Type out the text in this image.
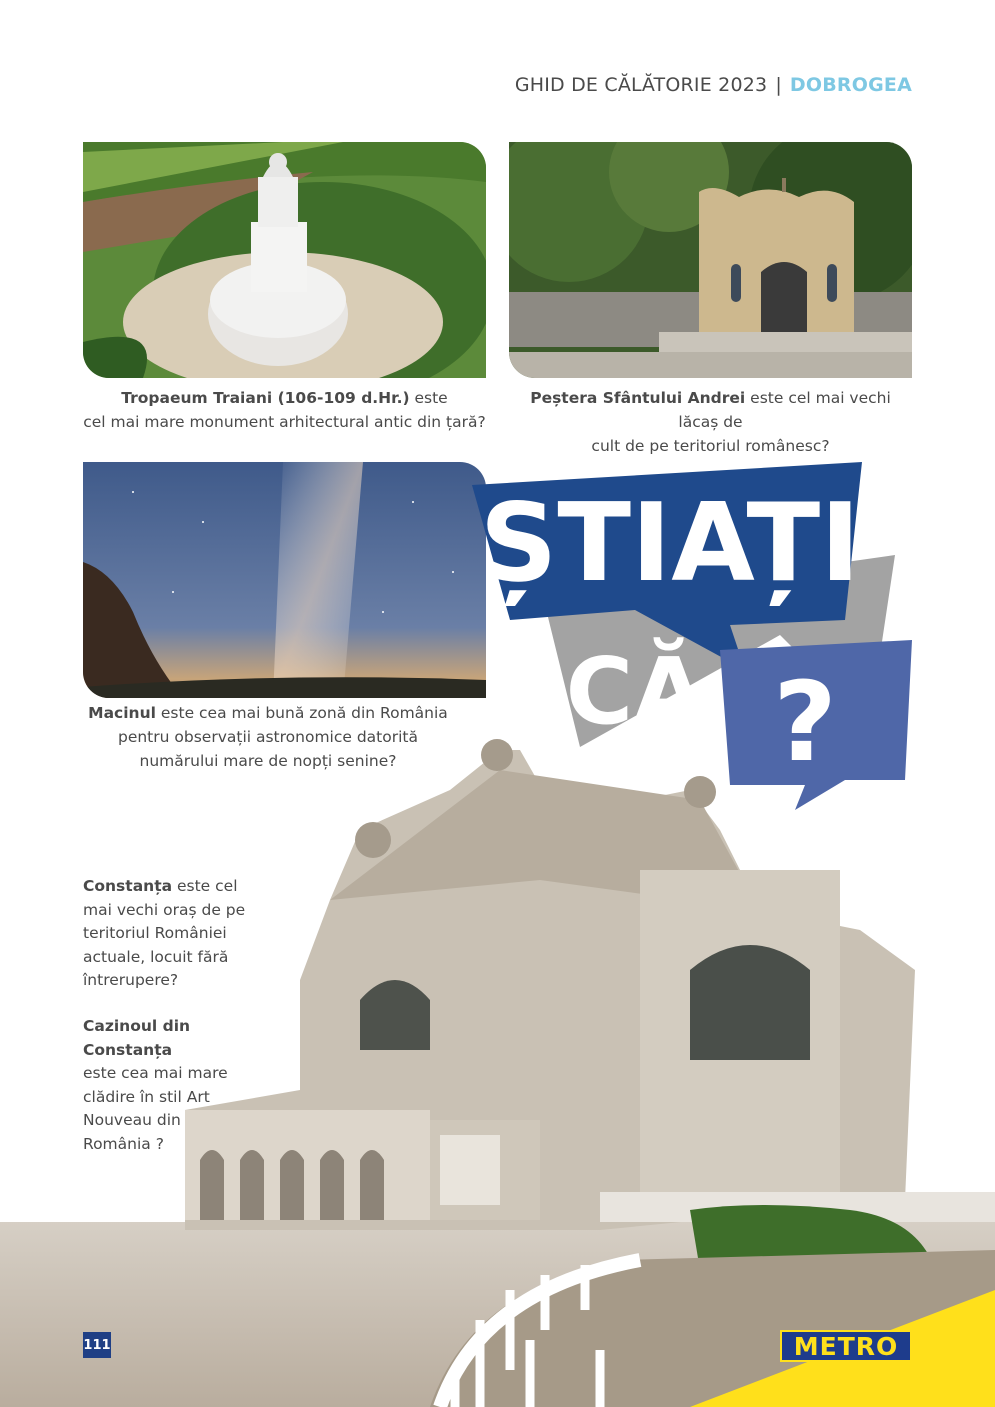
GHID DE CĂLĂTORIE 2023 | DOBROGEA
Tropaeum Traiani (106-109 d.Hr.) este
cel mai mare monument arhitectural antic din țară?
Peștera Sfântului Andrei este cel mai vechi lăcaș de
cult de pe teritoriul românesc?
Macinul este cea mai bună zonă din România
pentru observații astronomice datorită
numărului mare de nopți senine?
ȘTIAȚI
CĂ ?
Constanța este cel
mai vechi oraș de pe
teritoriul României
actuale, locuit fără
întrerupere?
Cazinoul din Constanța
este cea mai mare
clădire în stil Art
Nouveau din România ?
111	METRO
